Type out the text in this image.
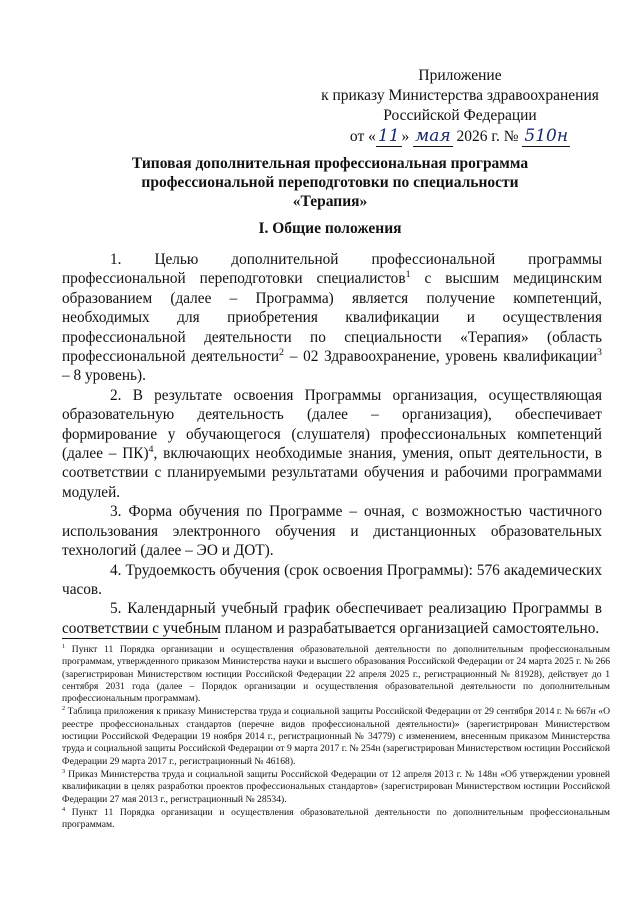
Приложение
к приказу Министерства здравоохранения
Российской Федерации
от « 11 » мая 2026 г. № 510н
Типовая дополнительная профессиональная программа
профессиональной переподготовки по специальности
«Терапия»
I. Общие положения

1. Целью дополнительной профессиональной программы профессиональной переподготовки специалистов$^1$ с высшим медицинским образованием (далее – Программа) является получение компетенций, необходимых для приобретения квалификации и осуществления профессиональной деятельности по специальности «Терапия» (область профессиональной деятельности$^2$ – 02 Здравоохранение, уровень квалификации$^3$ – 8 уровень).

2. В результате освоения Программы организация, осуществляющая образовательную деятельность (далее – организация), обеспечивает формирование у обучающегося (слушателя) профессиональных компетенций (далее – ПК)$^4$, включающих необходимые знания, умения, опыт деятельности, в соответствии с планируемыми результатами обучения и рабочими программами модулей.

3. Форма обучения по Программе – очная, с возможностью частичного использования электронного обучения и дистанционных образовательных технологий (далее – ЭО и ДОТ).

4. Трудоемкость обучения (срок освоения Программы): 576 академических часов.

5. Календарный учебный график обеспечивает реализацию Программы в соответствии с учебным планом и разрабатывается организацией самостоятельно.

$^1$ Пункт 11 Порядка организации и осуществления образовательной деятельности по дополнительным профессиональным программам, утвержденного приказом Министерства науки и высшего образования Российской Федерации от 24 марта 2025 г. № 266 (зарегистрирован Министерством юстиции Российской Федерации 22 апреля 2025 г., регистрационный № 81928), действует до 1 сентября 2031 года (далее – Порядок организации и осуществления образовательной деятельности по дополнительным профессиональным программам).

$^2$ Таблица приложения к приказу Министерства труда и социальной защиты Российской Федерации от 29 сентября 2014 г. № 667н «О реестре профессиональных стандартов (перечне видов профессиональной деятельности)» (зарегистрирован Министерством юстиции Российской Федерации 19 ноября 2014 г., регистрационный № 34779) с изменением, внесенным приказом Министерства труда и социальной защиты Российской Федерации от 9 марта 2017 г. № 254н (зарегистрирован Министерством юстиции Российской Федерации 29 марта 2017 г., регистрационный № 46168).

$^3$ Приказ Министерства труда и социальной защиты Российской Федерации от 12 апреля 2013 г. № 148н «Об утверждении уровней квалификации в целях разработки проектов профессиональных стандартов» (зарегистрирован Министерством юстиции Российской Федерации 27 мая 2013 г., регистрационный № 28534).

$^4$ Пункт 11 Порядка организации и осуществления образовательной деятельности по дополнительным профессиональным программам.
